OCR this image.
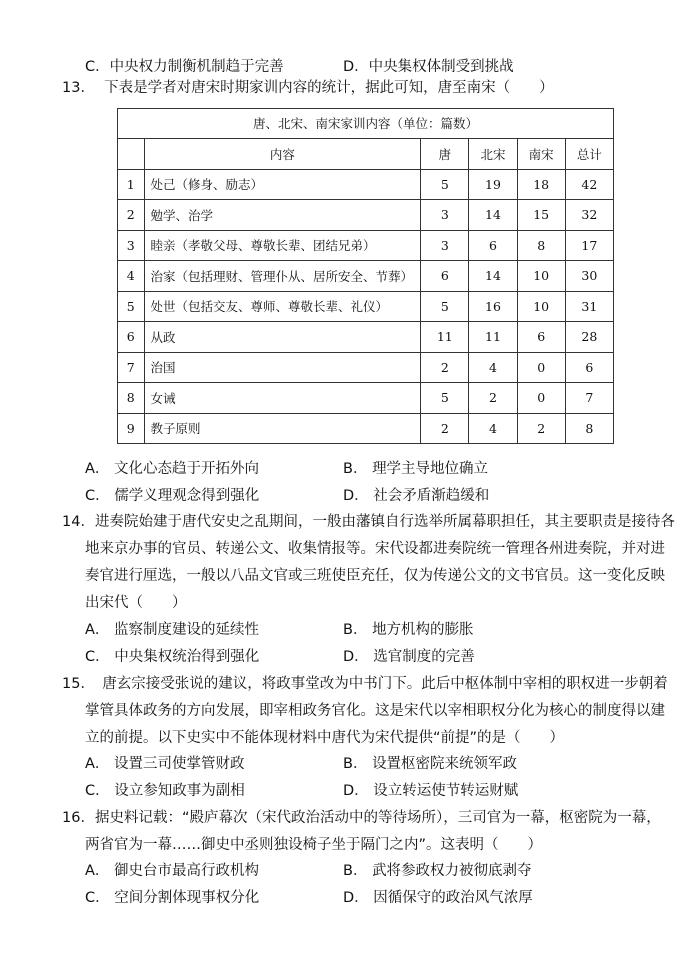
C．中央权力制衡机制趋于完善	D．中央集权体制受到挑战
13． 下表是学者对唐宋时期家训内容的统计，据此可知，唐至南宋（　　）
唐、北宋、南宋家训内容（单位：篇数）
	内容	唐	北宋	南宋	总计
1	处己（修身、励志）	5	19	18	42
2	勉学、治学	3	14	15	32
3	睦亲（孝敬父母、尊敬长辈、团结兄弟）	3	6	8	17
4	治家（包括理财、管理仆从、居所安全、节葬）	6	14	10	30
5	处世（包括交友、尊师、尊敬长辈、礼仪）	5	16	10	31
6	从政	11	11	6	28
7	治国	2	4	0	6
8	女诫	5	2	0	7
9	教子原则	2	4	2	8
A． 文化心态趋于开拓外向	B． 理学主导地位确立
C． 儒学义理观念得到强化	D． 社会矛盾渐趋缓和
14．进奏院始建于唐代安史之乱期间，一般由藩镇自行选举所属幕职担任，其主要职责是接待各
地来京办事的官员、转递公文、收集情报等。宋代设都进奏院统一管理各州进奏院，并对进
奏官进行厘选，一般以八品文官或三班使臣充任，仅为传递公文的文书官员。这一变化反映
出宋代（　　）
A． 监察制度建设的延续性	B． 地方机构的膨胀
C． 中央集权统治得到强化	D． 选官制度的完善
15．　唐玄宗接受张说的建议，将政事堂改为中书门下。此后中枢体制中宰相的职权进一步朝着
掌管具体政务的方向发展，即宰相政务官化。这是宋代以宰相职权分化为核心的制度得以建
立的前提。以下史实中不能体现材料中唐代为宋代提供“前提”的是（　　）
A． 设置三司使掌管财政	B． 设置枢密院来统领军政
C． 设立参知政事为副相	D． 设立转运使节转运财赋
16．据史料记载：“殿庐幕次（宋代政治活动中的等待场所），三司官为一幕，枢密院为一幕，
两省官为一幕……御史中丞则独设椅子坐于隔门之内”。这表明（　　）
A． 御史台市最高行政机构	B． 武将参政权力被彻底剥夺
C． 空间分割体现事权分化	D． 因循保守的政治风气浓厚
